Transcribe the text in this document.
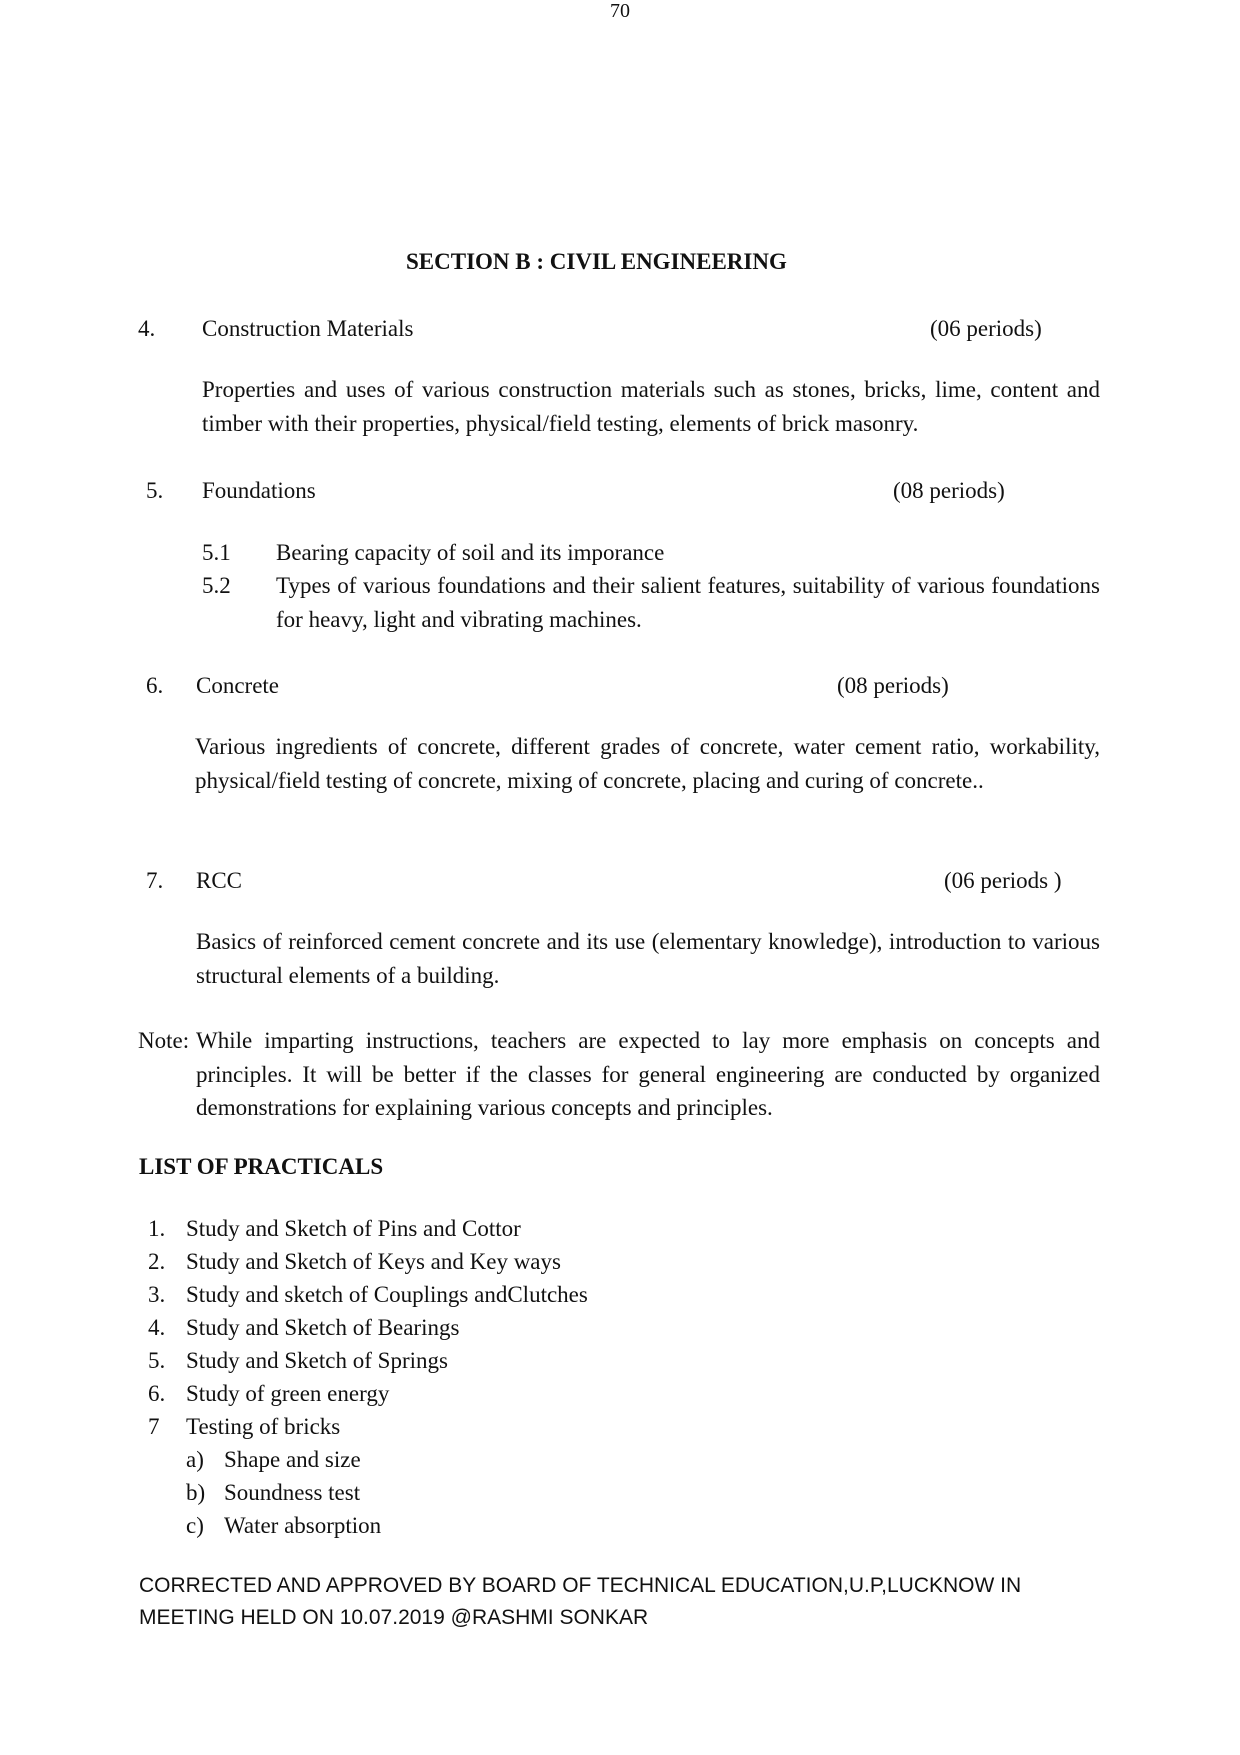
70
SECTION B : CIVIL ENGINEERING
4. Construction Materials	(06 periods)
Properties and uses of various construction materials such as stones, bricks, lime, content and timber with their properties, physical/field testing, elements of brick masonry.
5. Foundations	(08 periods)
5.1 Bearing capacity of soil and its imporance
5.2 Types of various foundations and their salient features, suitability of various foundations for heavy, light and vibrating machines.
6. Concrete	(08 periods)
Various ingredients of concrete, different grades of concrete, water cement ratio, workability, physical/field testing of concrete, mixing of concrete, placing and curing of concrete..
7. RCC	(06 periods )
Basics of reinforced cement concrete and its use (elementary knowledge), introduction to various structural elements of a building.
Note: While imparting instructions, teachers are expected to lay more emphasis on concepts and principles. It will be better if the classes for general engineering are conducted by organized demonstrations for explaining various concepts and principles.
LIST OF PRACTICALS
1. Study and Sketch of Pins and Cottor
2. Study and Sketch of Keys and Key ways
3. Study and sketch of Couplings andClutches
4. Study and Sketch of Bearings
5. Study and Sketch of Springs
6. Study of green energy
7 Testing of bricks
a) Shape and size
b) Soundness test
c) Water absorption
CORRECTED AND APPROVED BY BOARD OF TECHNICAL EDUCATION,U.P,LUCKNOW IN
MEETING HELD ON 10.07.2019 @RASHMI SONKAR
